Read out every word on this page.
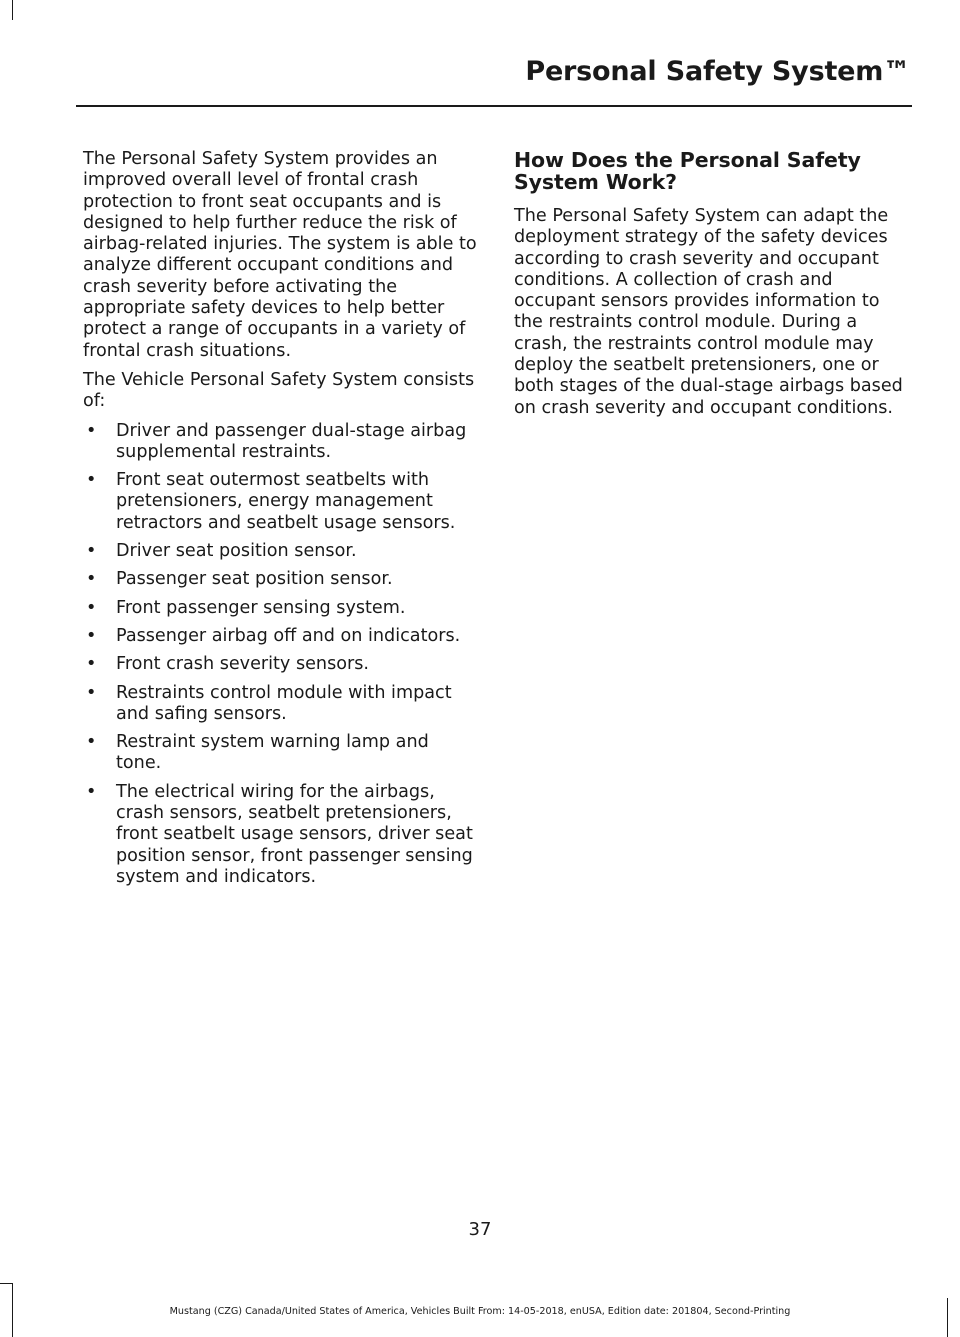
Personal Safety System™

The Personal Safety System provides an improved overall level of frontal crash protection to front seat occupants and is designed to help further reduce the risk of airbag-related injuries. The system is able to analyze different occupant conditions and crash severity before activating the appropriate safety devices to help better protect a range of occupants in a variety of frontal crash situations.

The Vehicle Personal Safety System consists of:

• Driver and passenger dual-stage airbag supplemental restraints.
• Front seat outermost seatbelts with pretensioners, energy management retractors and seatbelt usage sensors.
• Driver seat position sensor.
• Passenger seat position sensor.
• Front passenger sensing system.
• Passenger airbag off and on indicators.
• Front crash severity sensors.
• Restraints control module with impact and safing sensors.
• Restraint system warning lamp and tone.
• The electrical wiring for the airbags, crash sensors, seatbelt pretensioners, front seatbelt usage sensors, driver seat position sensor, front passenger sensing system and indicators.
How Does the Personal Safety System Work?

The Personal Safety System can adapt the deployment strategy of the safety devices according to crash severity and occupant conditions. A collection of crash and occupant sensors provides information to the restraints control module. During a crash, the restraints control module may deploy the seatbelt pretensioners, one or both stages of the dual-stage airbags based on crash severity and occupant conditions.

37
Mustang (CZG) Canada/United States of America, Vehicles Built From: 14-05-2018, enUSA, Edition date: 201804, Second-Printing
